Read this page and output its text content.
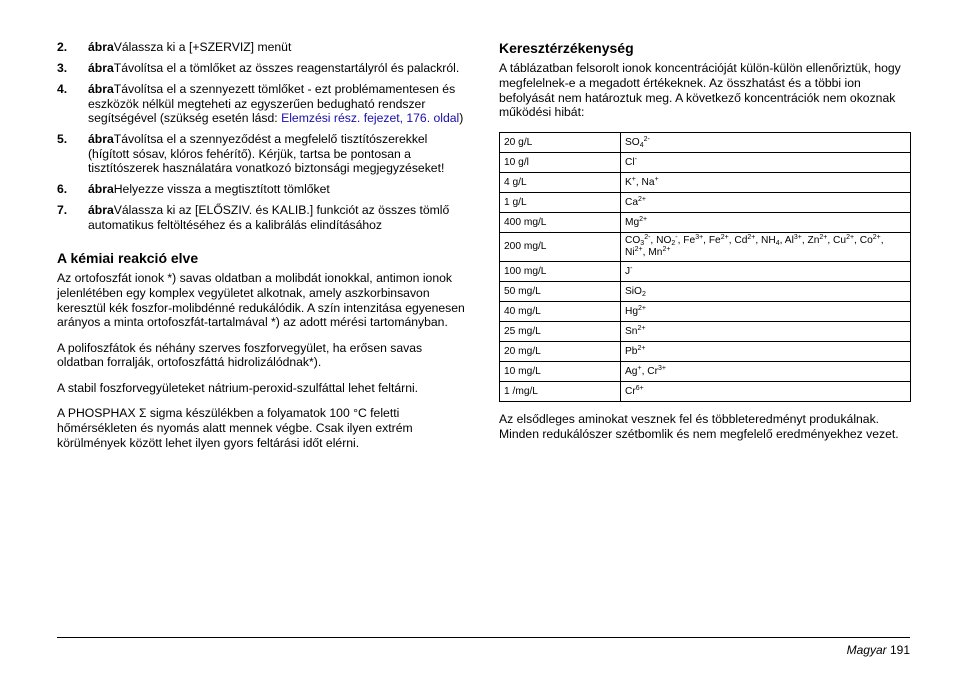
2.	ábraVálassza ki a [+SZERVIZ] menüt
3.	ábraTávolítsa el a tömlőket az összes reagenstartályról és palackról.
4.	ábraTávolítsa el a szennyezett tömlőket - ezt problémamentesen és eszközök nélkül megteheti az egyszerűen bedugható rendszer segítségével (szükség esetén lásd: Elemzési rész. fejezet, 176. oldal)
5.	ábraTávolítsa el a szennyeződést a megfelelő tisztítószerekkel (hígított sósav, klóros fehérítő). Kérjük, tartsa be pontosan a tisztítószerek használatára vonatkozó biztonsági megjegyzéseket!
6.	ábraHelyezze vissza a megtisztított tömlőket
7.	ábraVálassza ki az [ELŐSZIV. és KALIB.] funkciót az összes tömlő automatikus feltöltéséhez és a kalibrálás elindításához
A kémiai reakció elve

Az ortofoszfát ionok *) savas oldatban a molibdát ionokkal, antimon ionok jelenlétében egy komplex vegyületet alkotnak, amely aszkorbinsavon keresztül kék foszfor-molibdénné redukálódik. A szín intenzitása egyenesen arányos a minta ortofoszfát-tartalmával *) az adott mérési tartományban.

A polifoszfátok és néhány szerves foszforvegyület, ha erősen savas oldatban forralják, ortofoszfáttá hidrolizálódnak*).

A stabil foszforvegyületeket nátrium-peroxid-szulfáttal lehet feltárni.

A PHOSPHAX Σ sigma készülékben a folyamatok 100 °C feletti hőmérsékleten és nyomás alatt mennek végbe. Csak ilyen extrém körülmények között lehet ilyen gyors feltárási időt elérni.

Keresztérzékenység

A táblázatban felsorolt ionok koncentrációját külön-külön ellenőriztük, hogy megfelelnek-e a megadott értékeknek. Az összhatást és a többi ion befolyását nem határoztuk meg. A következő koncentrációk nem okoznak működési hibát:

20 g/L	$SO_4^{2-}$
10 g/l	Cl-
4 g/L	K+, Na+
1 g/L	$Ca^{2+}$
400 mg/L	$Mg^{2+}$
200 mg/L	$CO_3^{2-}$, $NO_2^-$, $Fe^{3+}$, $Fe^{2+}$, $Cd^{2+}$, $NH_4$, $Al^{3+}$, $Zn^{2+}$, $Cu^{2+}$, $Co^{2+}$, $Ni^{2+}$, $Mn^{2+}$
100 mg/L	J-
50 mg/L	SiO$_2$
40 mg/L	$Hg^{2+}$
25 mg/L	$Sn^{2+}$
20 mg/L	$Pb^{2+}$
10 mg/L	Ag+, $Cr^{3+}$
1 /mg/L	$Cr^{6+}$

Az elsődleges aminokat vesznek fel és többleteredményt produkálnak. Minden redukálószer szétbomlik és nem megfelelő eredményekhez vezet.

Magyar 191
